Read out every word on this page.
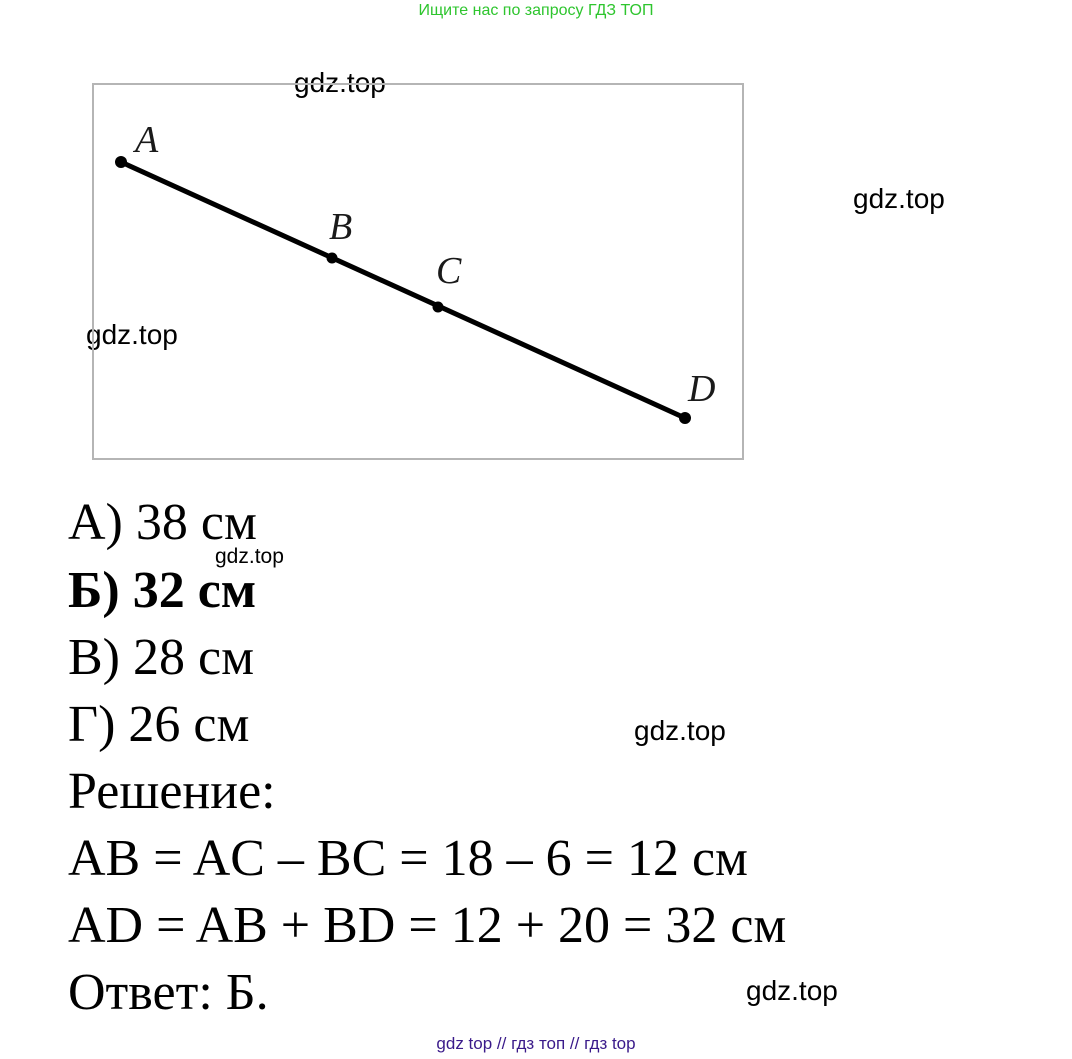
Ищите нас по запросу ГДЗ ТОП
gdz.top
gdz.top
gdz.top
gdz.top
gdz.top
gdz.top
A
B
C
D
А) 38 см
Б) 32 см
В) 28 см
Г) 26 см
Решение:
AB = AC – BC = 18 – 6 = 12 см
AD = AB + BD = 12 + 20 = 32 см
Ответ: Б.
gdz top // гдз топ // гдз top
